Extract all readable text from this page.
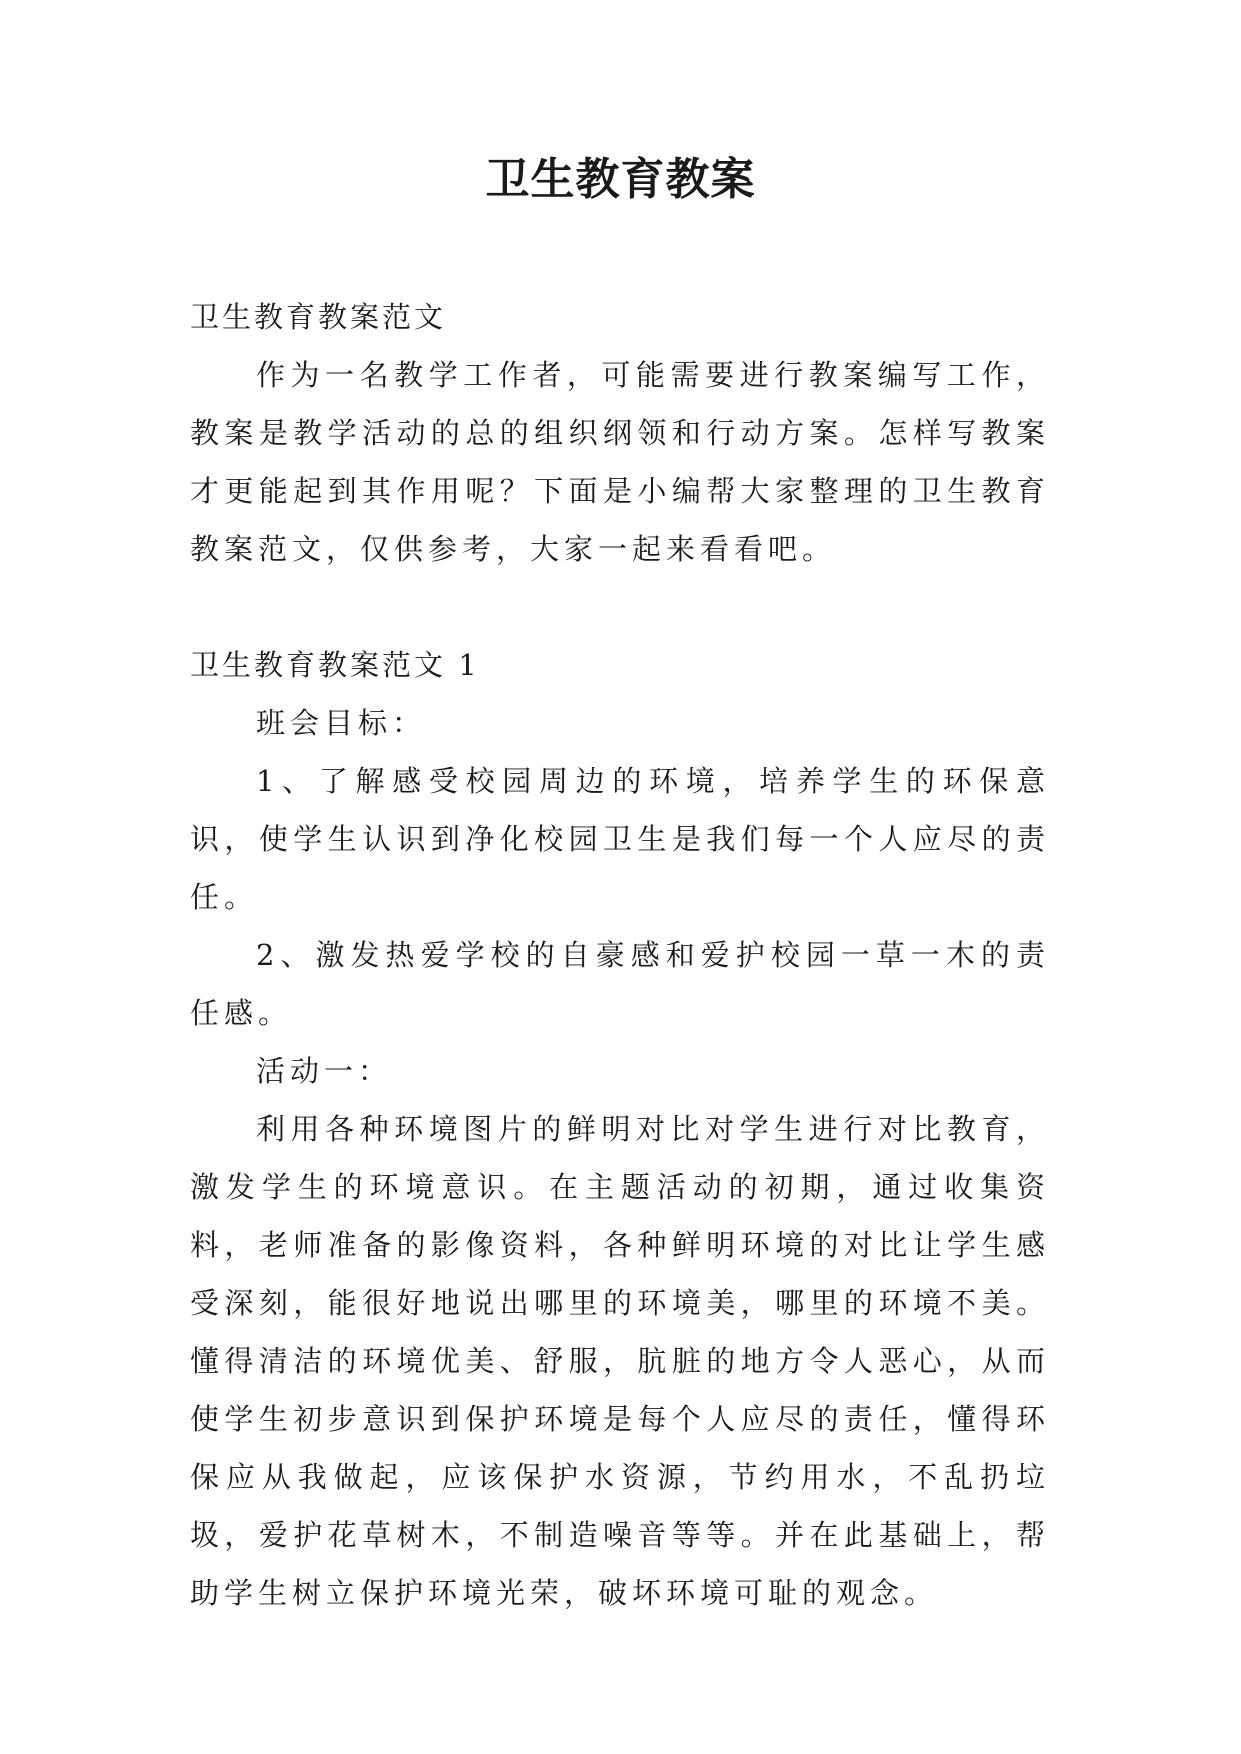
卫生教育教案

卫生教育教案范文

作为一名教学工作者，可能需要进行教案编写工作，教案是教学活动的总的组织纲领和行动方案。怎样写教案才更能起到其作用呢？下面是小编帮大家整理的卫生教育教案范文，仅供参考，大家一起来看看吧。

卫生教育教案范文 1

班会目标：

1、了解感受校园周边的环境，培养学生的环保意识，使学生认识到净化校园卫生是我们每一个人应尽的责任。

2、激发热爱学校的自豪感和爱护校园一草一木的责任感。

活动一：

利用各种环境图片的鲜明对比对学生进行对比教育，激发学生的环境意识。在主题活动的初期，通过收集资料，老师准备的影像资料，各种鲜明环境的对比让学生感受深刻，能很好地说出哪里的环境美，哪里的环境不美。懂得清洁的环境优美、舒服，肮脏的地方令人恶心，从而使学生初步意识到保护环境是每个人应尽的责任，懂得环保应从我做起，应该保护水资源，节约用水，不乱扔垃圾，爱护花草树木，不制造噪音等等。并在此基础上，帮助学生树立保护环境光荣，破坏环境可耻的观念。
